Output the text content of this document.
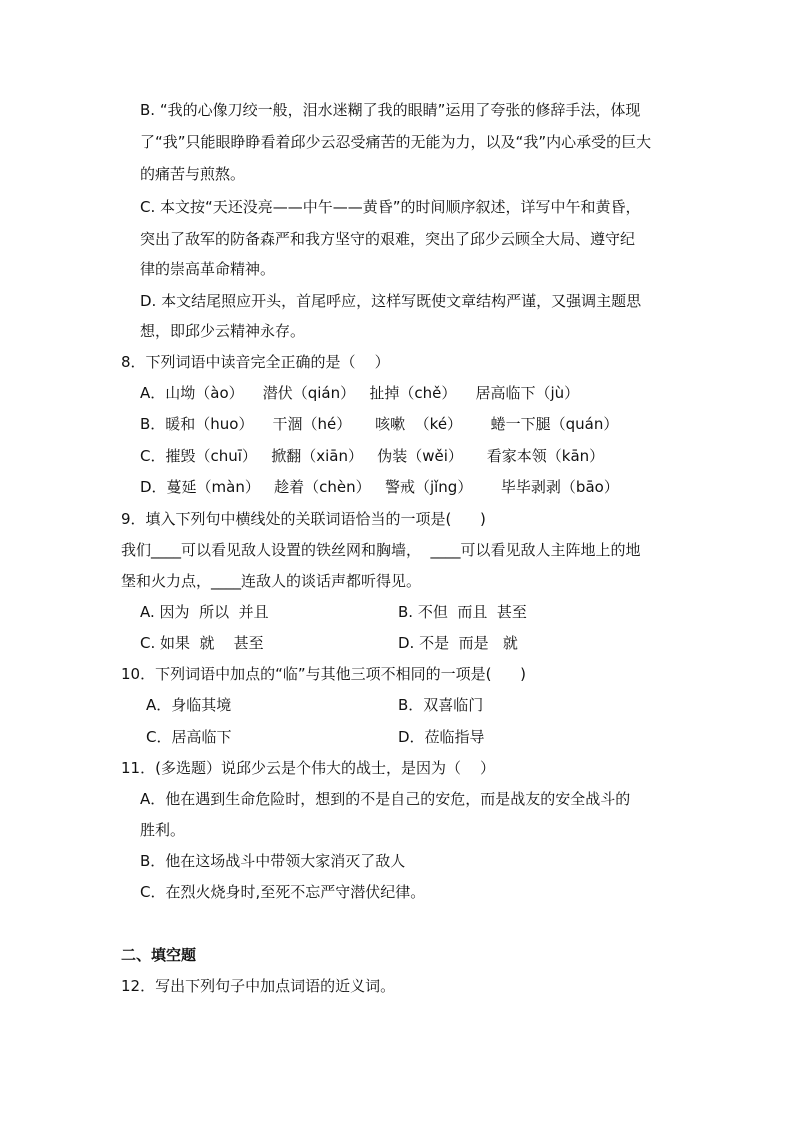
B. “我的心像刀绞一般，泪水迷糊了我的眼睛”运用了夸张的修辞手法，体现
了“我”只能眼睁睁看着邱少云忍受痛苦的无能为力，以及“我”内心承受的巨大
的痛苦与煎熬。
C. 本文按“天还没亮——中午——黄昏”的时间顺序叙述，详写中午和黄昏，
突出了敌军的防备森严和我方坚守的艰难，突出了邱少云顾全大局、遵守纪
律的崇高革命精神。
D. 本文结尾照应开头，首尾呼应，这样写既使文章结构严谨，又强调主题思
想，即邱少云精神永存。
8．下列词语中读音完全正确的是（    ）
A．山坳（ào）    潜伏（qián）   扯掉（chě）    居高临下（jù）
B．暖和（huo）    干涸（hé）     咳嗽  （ké）      蜷一下腿（quán）
C．摧毁（chuī）   掀翻（xiān）   伪装（wěi）     看家本领（kān）
D．蔓延（màn）   趁着（chèn）   警戒（jǐng）      毕毕剥剥（bāo）
9．填入下列句中横线处的关联词语恰当的一项是(      )
我们____可以看见敌人设置的铁丝网和胸墙，  ____可以看见敌人主阵地上的地
堡和火力点，____连敌人的谈话声都听得见。
A. 因为  所以  并且	B. 不但  而且  甚至
C. 如果  就    甚至	D. 不是  而是   就
10．下列词语中加点的“临”与其他三项不相同的一项是(      )
A．身临其境	B．双喜临门
C．居高临下	D．莅临指导
11．(多选题）说邱少云是个伟大的战士，是因为（    ）
A．他在遇到生命危险时，想到的不是自己的安危，而是战友的安全战斗的
胜利。
B．他在这场战斗中带领大家消灭了敌人
C．在烈火烧身时,至死不忘严守潜伏纪律。
二、填空题
12．写出下列句子中加点词语的近义词。
